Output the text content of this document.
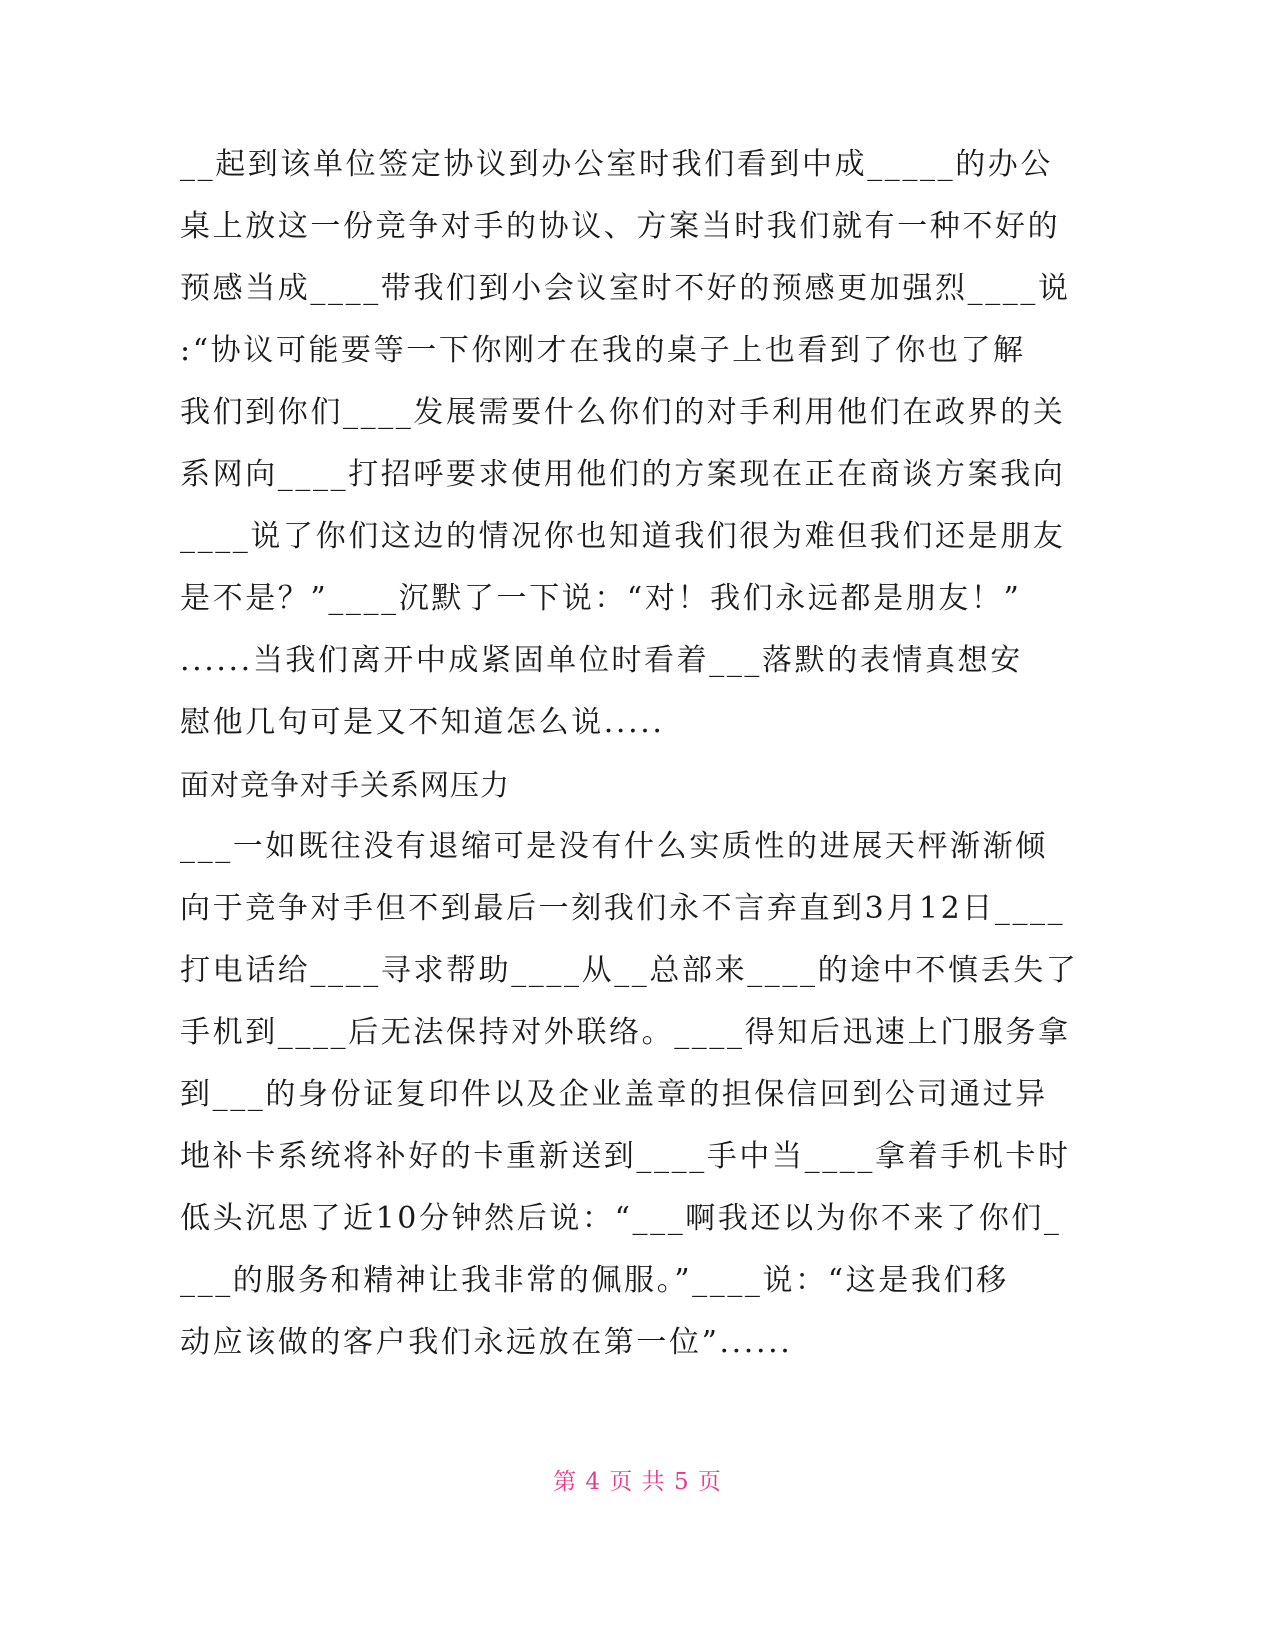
__起到该单位签定协议到办公室时我们看到中成_____的办公
桌上放这一份竞争对手的协议、方案当时我们就有一种不好的
预感当成____带我们到小会议室时不好的预感更加强烈____说
:“协议可能要等一下你刚才在我的桌子上也看到了你也了解
我们到你们____发展需要什么你们的对手利用他们在政界的关
系网向____打招呼要求使用他们的方案现在正在商谈方案我向
____说了你们这边的情况你也知道我们很为难但我们还是朋友
是不是？”____沉默了一下说：“对！我们永远都是朋友！”
......当我们离开中成紧固单位时看着___落默的表情真想安
慰他几句可是又不知道怎么说.....
面对竞争对手关系网压力
___一如既往没有退缩可是没有什么实质性的进展天枰渐渐倾
向于竞争对手但不到最后一刻我们永不言弃直到3月12日____
打电话给____寻求帮助____从__总部来____的途中不慎丢失了
手机到____后无法保持对外联络。____得知后迅速上门服务拿
到___的身份证复印件以及企业盖章的担保信回到公司通过异
地补卡系统将补好的卡重新送到____手中当____拿着手机卡时
低头沉思了近10分钟然后说：“___啊我还以为你不来了你们_
___的服务和精神让我非常的佩服。”____说：“这是我们移
动应该做的客户我们永远放在第一位”......
第 4 页 共 5 页
